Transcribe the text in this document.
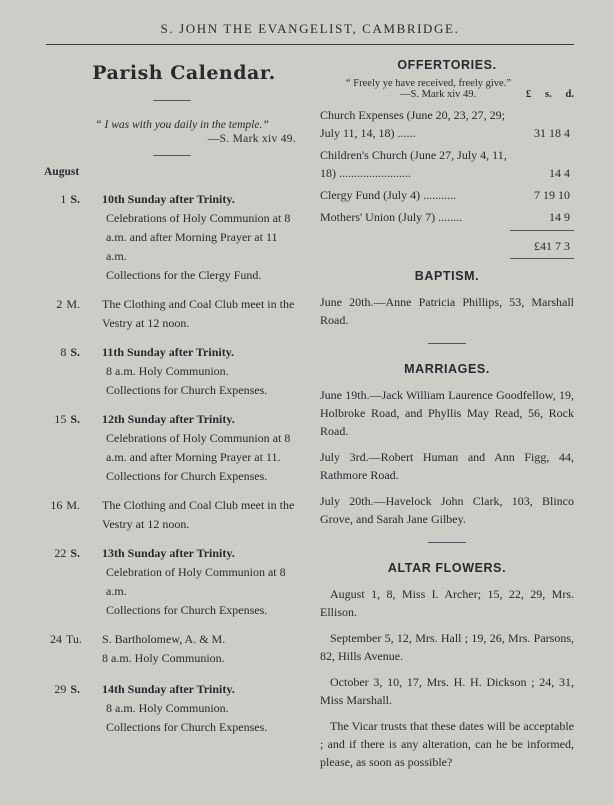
S. JOHN THE EVANGELIST, CAMBRIDGE.
Parish Calendar.
“ I was with you daily in the temple.”
—S. Mark xiv 49.
August
1 S. 10th Sunday after Trinity.
Celebrations of Holy Communion at 8 a.m. and after Morning Prayer at 11 a.m.
Collections for the Clergy Fund.
2 M. The Clothing and Coal Club meet in the Vestry at 12 noon.
8 S. 11th Sunday after Trinity.
8 a.m. Holy Communion.
Collections for Church Expenses.
15 S. 12th Sunday after Trinity.
Celebrations of Holy Communion at 8 a.m. and after Morning Prayer at 11.
Collections for Church Expenses.
16 M. The Clothing and Coal Club meet in the Vestry at 12 noon.
22 S. 13th Sunday after Trinity.
Celebration of Holy Communion at 8 a.m.
Collections for Church Expenses.
24 Tu. S. Bartholomew, A. & M.
8 a.m. Holy Communion.
29 S. 14th Sunday after Trinity.
8 a.m. Holy Communion.
Collections for Church Expenses.
OFFERTORIES.
“ Freely ye have received, freely give.”
—S. Mark xiv 49.	£ s. d.
Church Expenses (June 20, 23, 27, 29; July 11, 14, 18) ......	31 18 4
Children's Church (June 27, July 4, 11, 18) ........................	14 4
Clergy Fund (July 4) ...........	7 19 10
Mothers' Union (July 7) ........	14 9
£41 7 3
BAPTISM.
June 20th.—Anne Patricia Phillips, 53, Marshall Road.
MARRIAGES.
June 19th.—Jack William Laurence Goodfellow, 19, Holbroke Road, and Phyllis May Read, 56, Rock Road.
July 3rd.—Robert Human and Ann Figg, 44, Rathmore Road.
July 20th.—Havelock John Clark, 103, Blinco Grove, and Sarah Jane Gilbey.
ALTAR FLOWERS.
August 1, 8, Miss I. Archer; 15, 22, 29, Mrs. Ellison.
September 5, 12, Mrs. Hall ; 19, 26, Mrs. Parsons, 82, Hills Avenue.
October 3, 10, 17, Mrs. H. H. Dickson ; 24, 31, Miss Marshall.
The Vicar trusts that these dates will be acceptable ; and if there is any alteration, can he be informed, please, as soon as possible?
